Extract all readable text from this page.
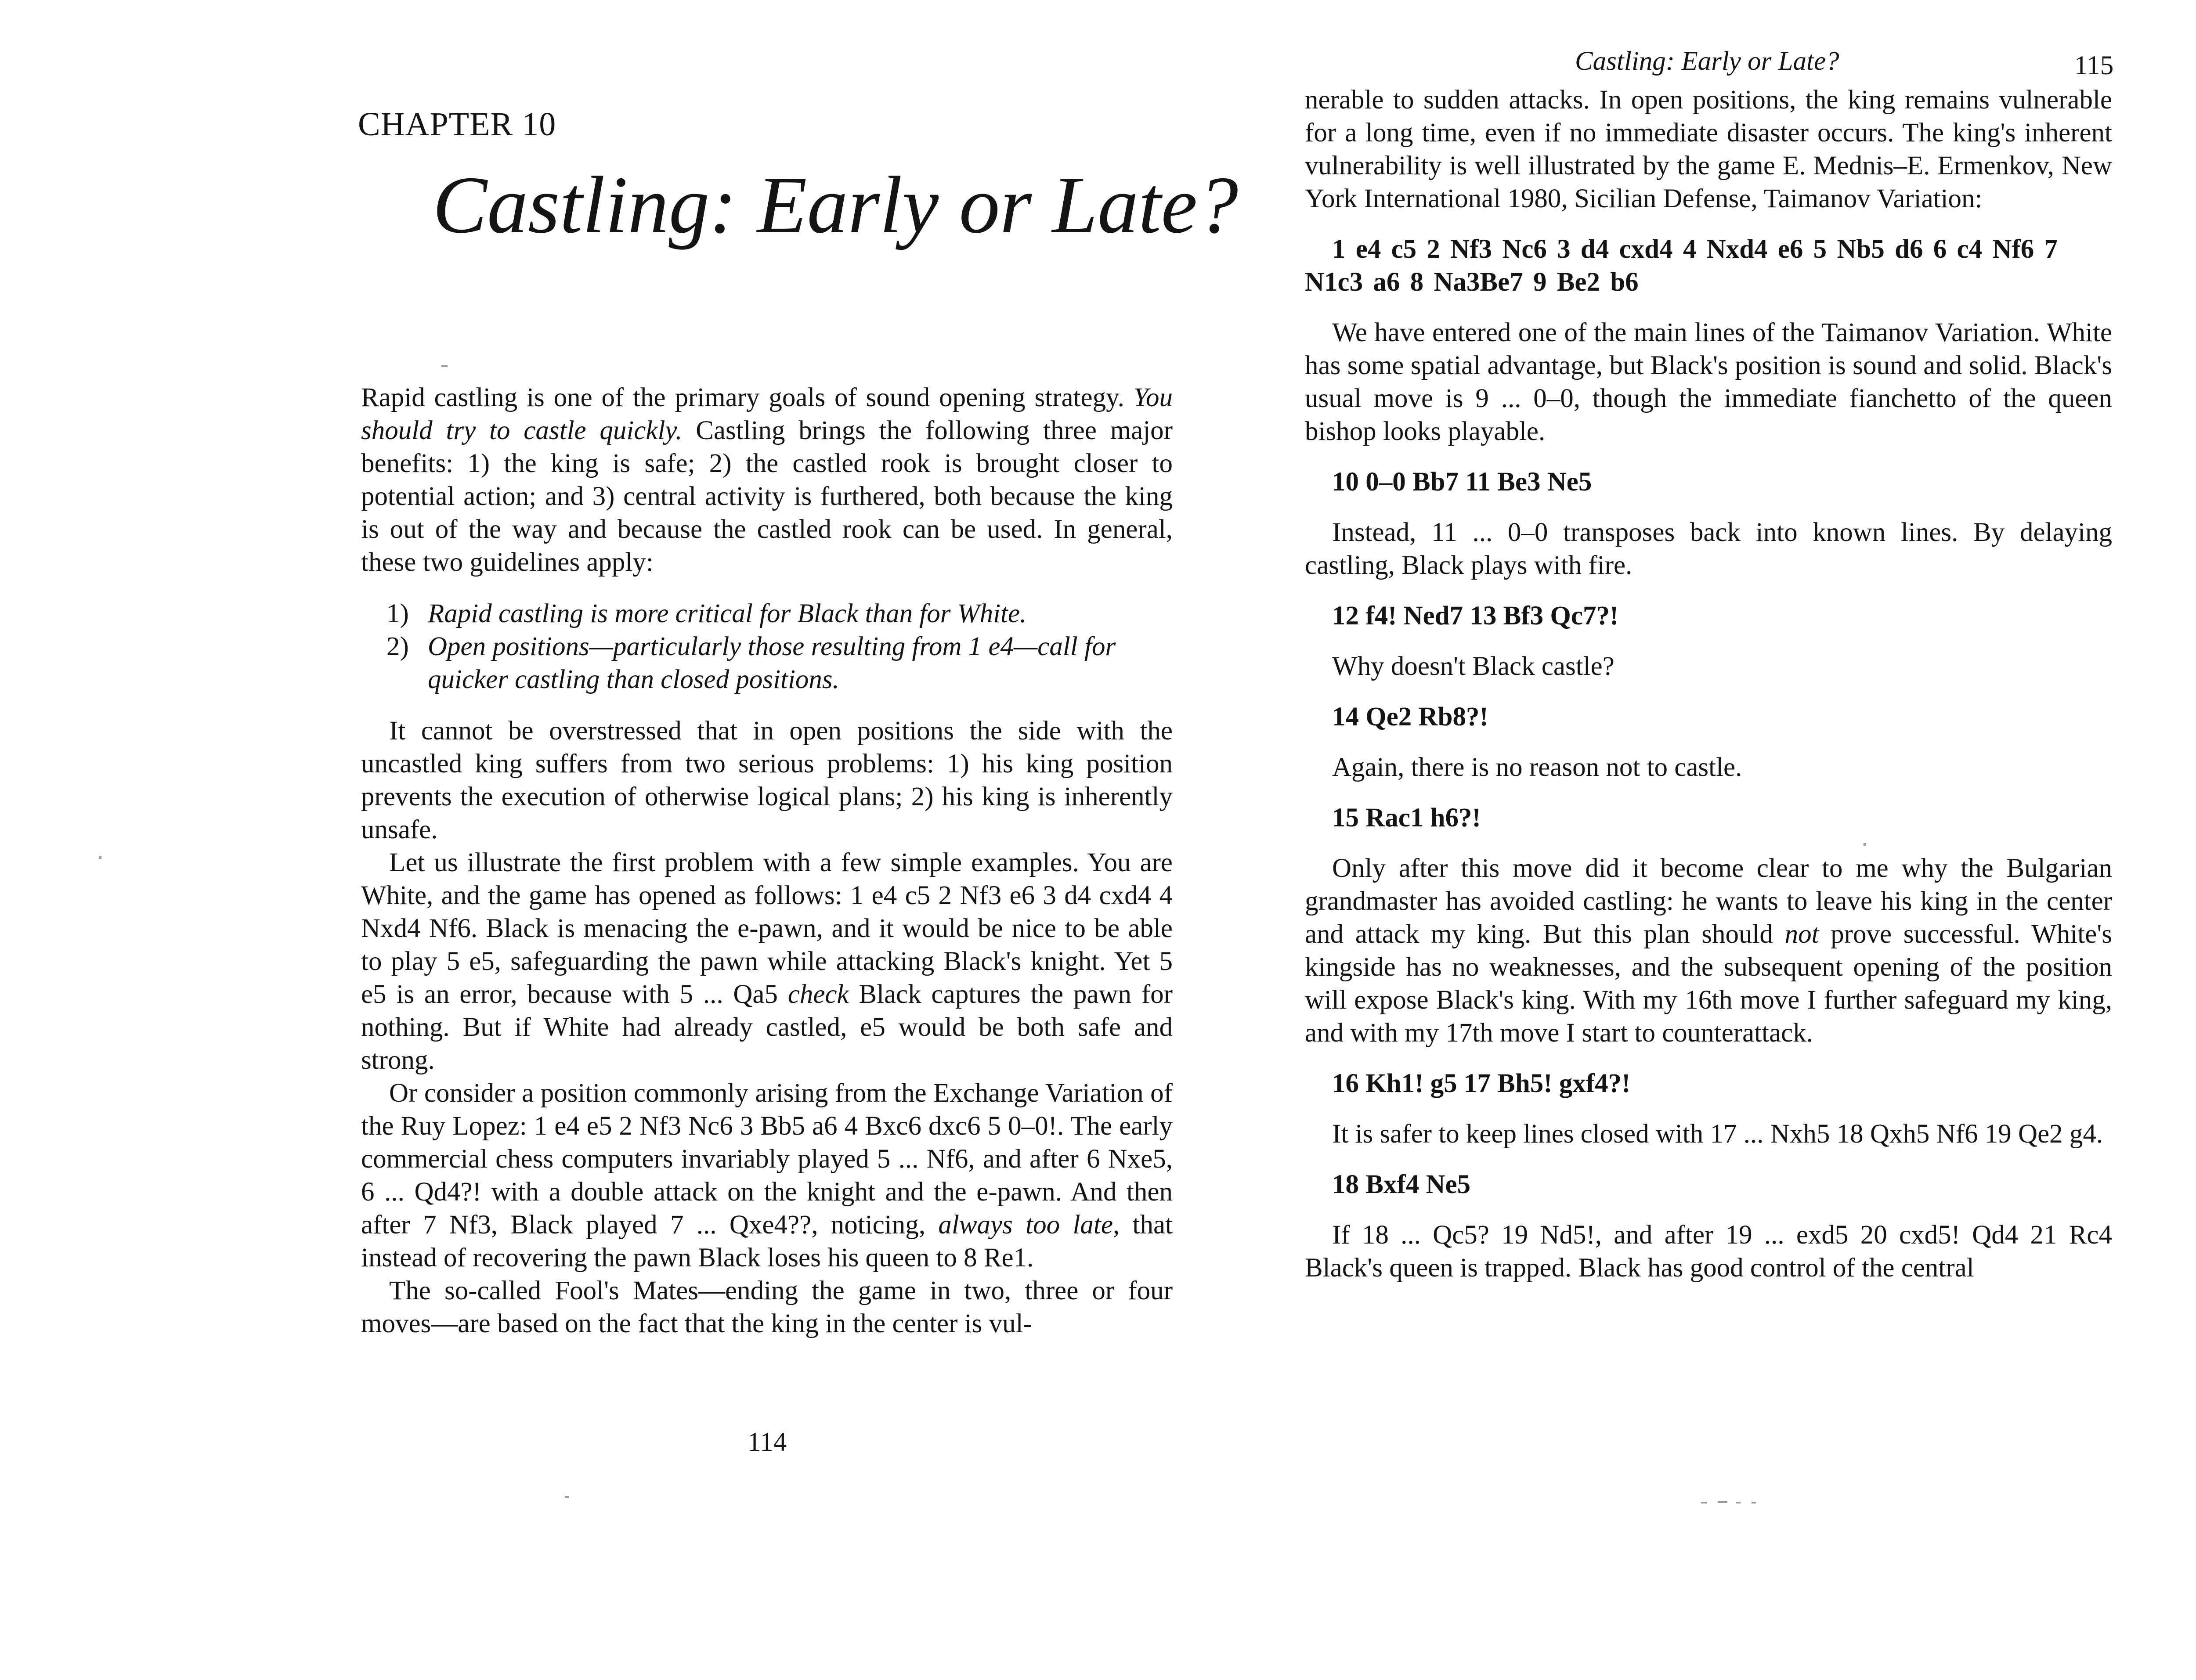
CHAPTER 10
Castling: Early or Late?

Rapid castling is one of the primary goals of sound opening strategy. You should try to castle quickly. Castling brings the following three major benefits: 1) the king is safe; 2) the castled rook is brought closer to potential action; and 3) central activity is furthered, both because the king is out of the way and because the castled rook can be used. In general, these two guidelines apply:

1) Rapid castling is more critical for Black than for White.
2) Open positions—particularly those resulting from 1 e4—call for quicker castling than closed positions.

It cannot be overstressed that in open positions the side with the uncastled king suffers from two serious problems: 1) his king position prevents the execution of otherwise logical plans; 2) his king is inherently unsafe.

Let us illustrate the first problem with a few simple examples. You are White, and the game has opened as follows: 1 e4 c5 2 Nf3 e6 3 d4 cxd4 4 Nxd4 Nf6. Black is menacing the e-pawn, and it would be nice to be able to play 5 e5, safeguarding the pawn while attacking Black's knight. Yet 5 e5 is an error, because with 5 ... Qa5 check Black captures the pawn for nothing. But if White had already castled, e5 would be both safe and strong.

Or consider a position commonly arising from the Exchange Variation of the Ruy Lopez: 1 e4 e5 2 Nf3 Nc6 3 Bb5 a6 4 Bxc6 dxc6 5 0–0!. The early commercial chess computers invariably played 5 ... Nf6, and after 6 Nxe5, 6 ... Qd4?! with a double attack on the knight and the e-pawn. And then after 7 Nf3, Black played 7 ... Qxe4??, noticing, always too late, that instead of recovering the pawn Black loses his queen to 8 Re1.

The so-called Fool's Mates—ending the game in two, three or four moves—are based on the fact that the king in the center is vul-

114
Castling: Early or Late?	115

nerable to sudden attacks. In open positions, the king remains vulnerable for a long time, even if no immediate disaster occurs. The king's inherent vulnerability is well illustrated by the game E. Mednis–E. Ermenkov, New York International 1980, Sicilian Defense, Taimanov Variation:

1 e4 c5 2 Nf3 Nc6 3 d4 cxd4 4 Nxd4 e6 5 Nb5 d6 6 c4 Nf6 7 N1c3 a6 8 Na3Be7 9 Be2 b6

We have entered one of the main lines of the Taimanov Variation. White has some spatial advantage, but Black's position is sound and solid. Black's usual move is 9 ... 0–0, though the immediate fianchetto of the queen bishop looks playable.

10 0–0 Bb7 11 Be3 Ne5

Instead, 11 ... 0–0 transposes back into known lines. By delaying castling, Black plays with fire.

12 f4! Ned7 13 Bf3 Qc7?!

Why doesn't Black castle?

14 Qe2 Rb8?!

Again, there is no reason not to castle.

15 Rac1 h6?!

Only after this move did it become clear to me why the Bulgarian grandmaster has avoided castling: he wants to leave his king in the center and attack my king. But this plan should not prove successful. White's kingside has no weaknesses, and the subsequent opening of the position will expose Black's king. With my 16th move I further safeguard my king, and with my 17th move I start to counterattack.

16 Kh1! g5 17 Bh5! gxf4?!

It is safer to keep lines closed with 17 ... Nxh5 18 Qxh5 Nf6 19 Qe2 g4.

18 Bxf4 Ne5

If 18 ... Qc5? 19 Nd5!, and after 19 ... exd5 20 cxd5! Qd4 21 Rc4 Black's queen is trapped. Black has good control of the central
